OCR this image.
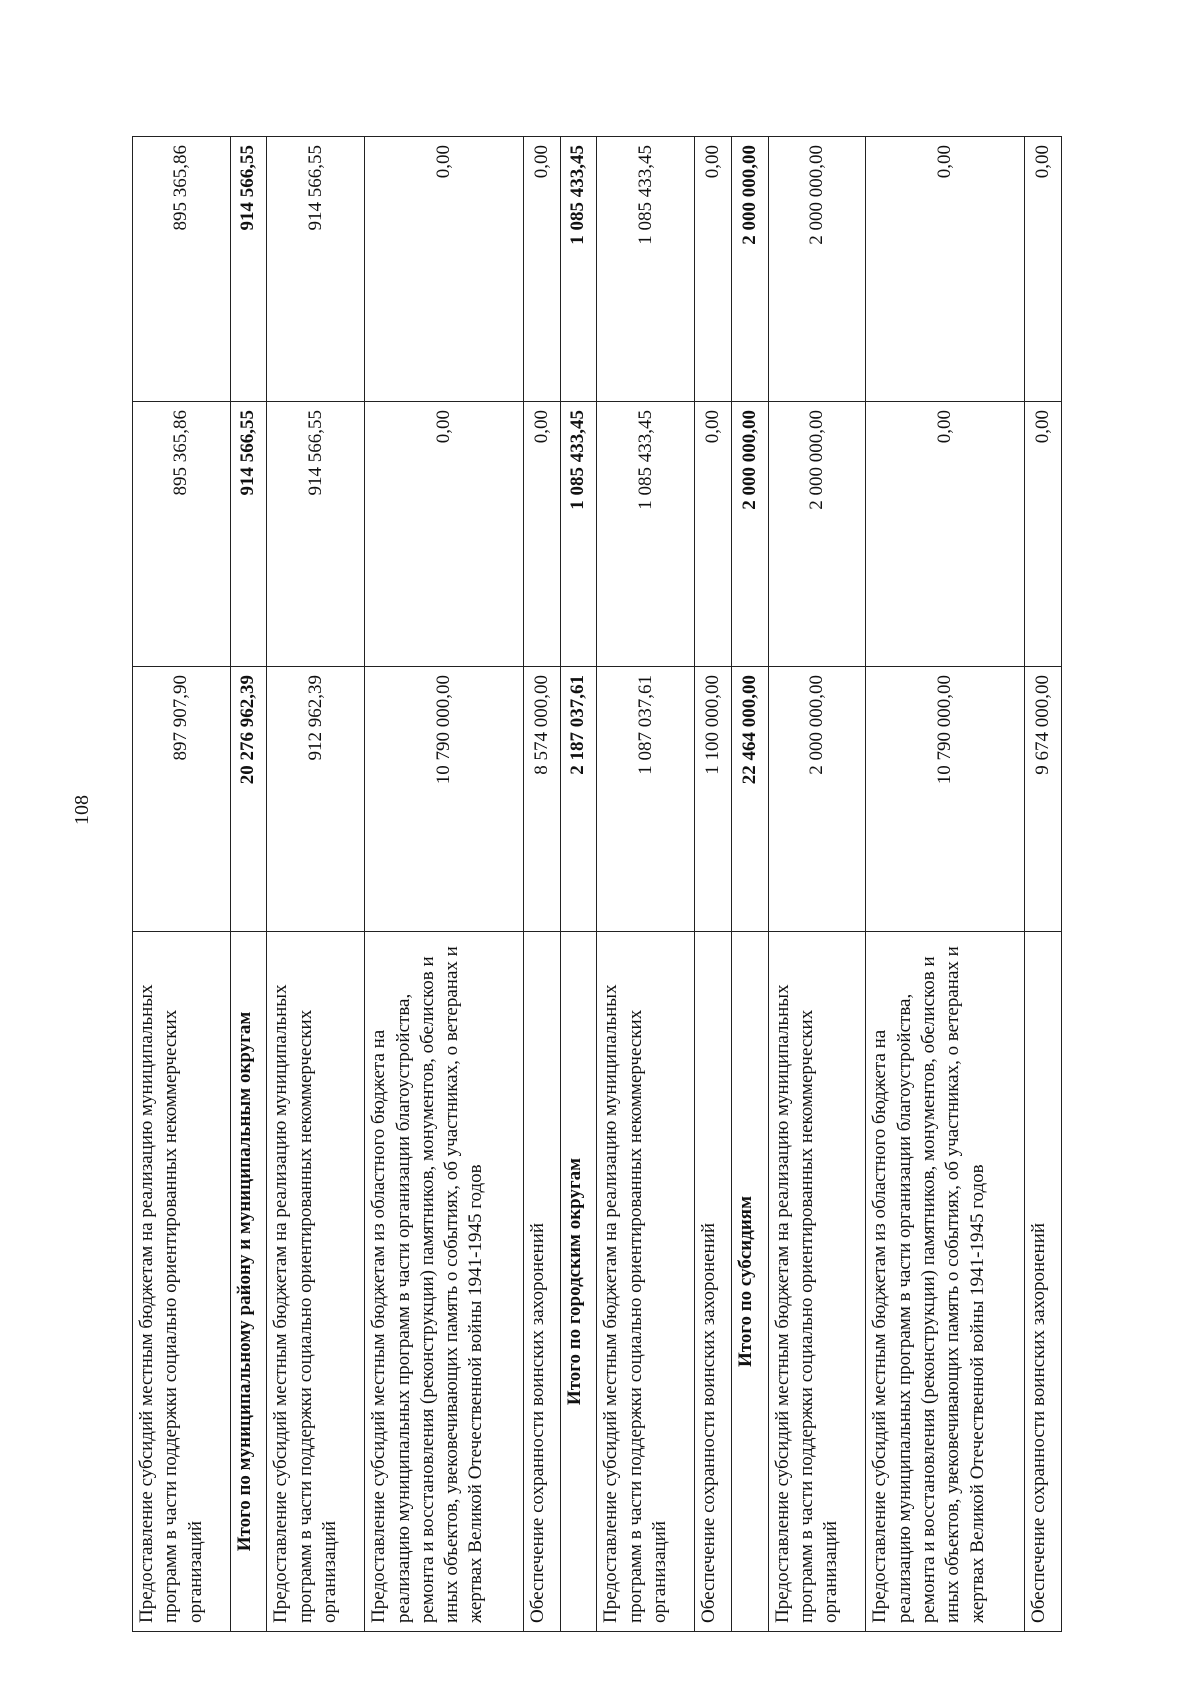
108
Предоставление субсидий местным бюджетам на реализацию муниципальных программ в части поддержки социально ориентированных некоммерческих организаций	897 907,90	895 365,86	895 365,86
Итого по муниципальному району и муниципальным округам	20 276 962,39	914 566,55	914 566,55
Предоставление субсидий местным бюджетам на реализацию муниципальных программ в части поддержки социально ориентированных некоммерческих организаций	912 962,39	914 566,55	914 566,55
Предоставление субсидий местным бюджетам из областного бюджета на реализацию муниципальных программ в части организации благоустройства, ремонта и восстановления (реконструкции) памятников, монументов, обелисков и иных объектов, увековечивающих память о событиях, об участниках, о ветеранах и жертвах Великой Отечественной войны 1941-1945 годов	10 790 000,00	0,00	0,00
Обеспечение сохранности воинских захоронений	8 574 000,00	0,00	0,00
Итого по городским округам	2 187 037,61	1 085 433,45	1 085 433,45
Предоставление субсидий местным бюджетам на реализацию муниципальных программ в части поддержки социально ориентированных некоммерческих организаций	1 087 037,61	1 085 433,45	1 085 433,45
Обеспечение сохранности воинских захоронений	1 100 000,00	0,00	0,00
Итого по субсидиям	22 464 000,00	2 000 000,00	2 000 000,00
Предоставление субсидий местным бюджетам на реализацию муниципальных программ в части поддержки социально ориентированных некоммерческих организаций	2 000 000,00	2 000 000,00	2 000 000,00
Предоставление субсидий местным бюджетам из областного бюджета на реализацию муниципальных программ в части организации благоустройства, ремонта и восстановления (реконструкции) памятников, монументов, обелисков и иных объектов, увековечивающих память о событиях, об участниках, о ветеранах и жертвах Великой Отечественной войны 1941-1945 годов	10 790 000,00	0,00	0,00
Обеспечение сохранности воинских захоронений	9 674 000,00	0,00	0,00
